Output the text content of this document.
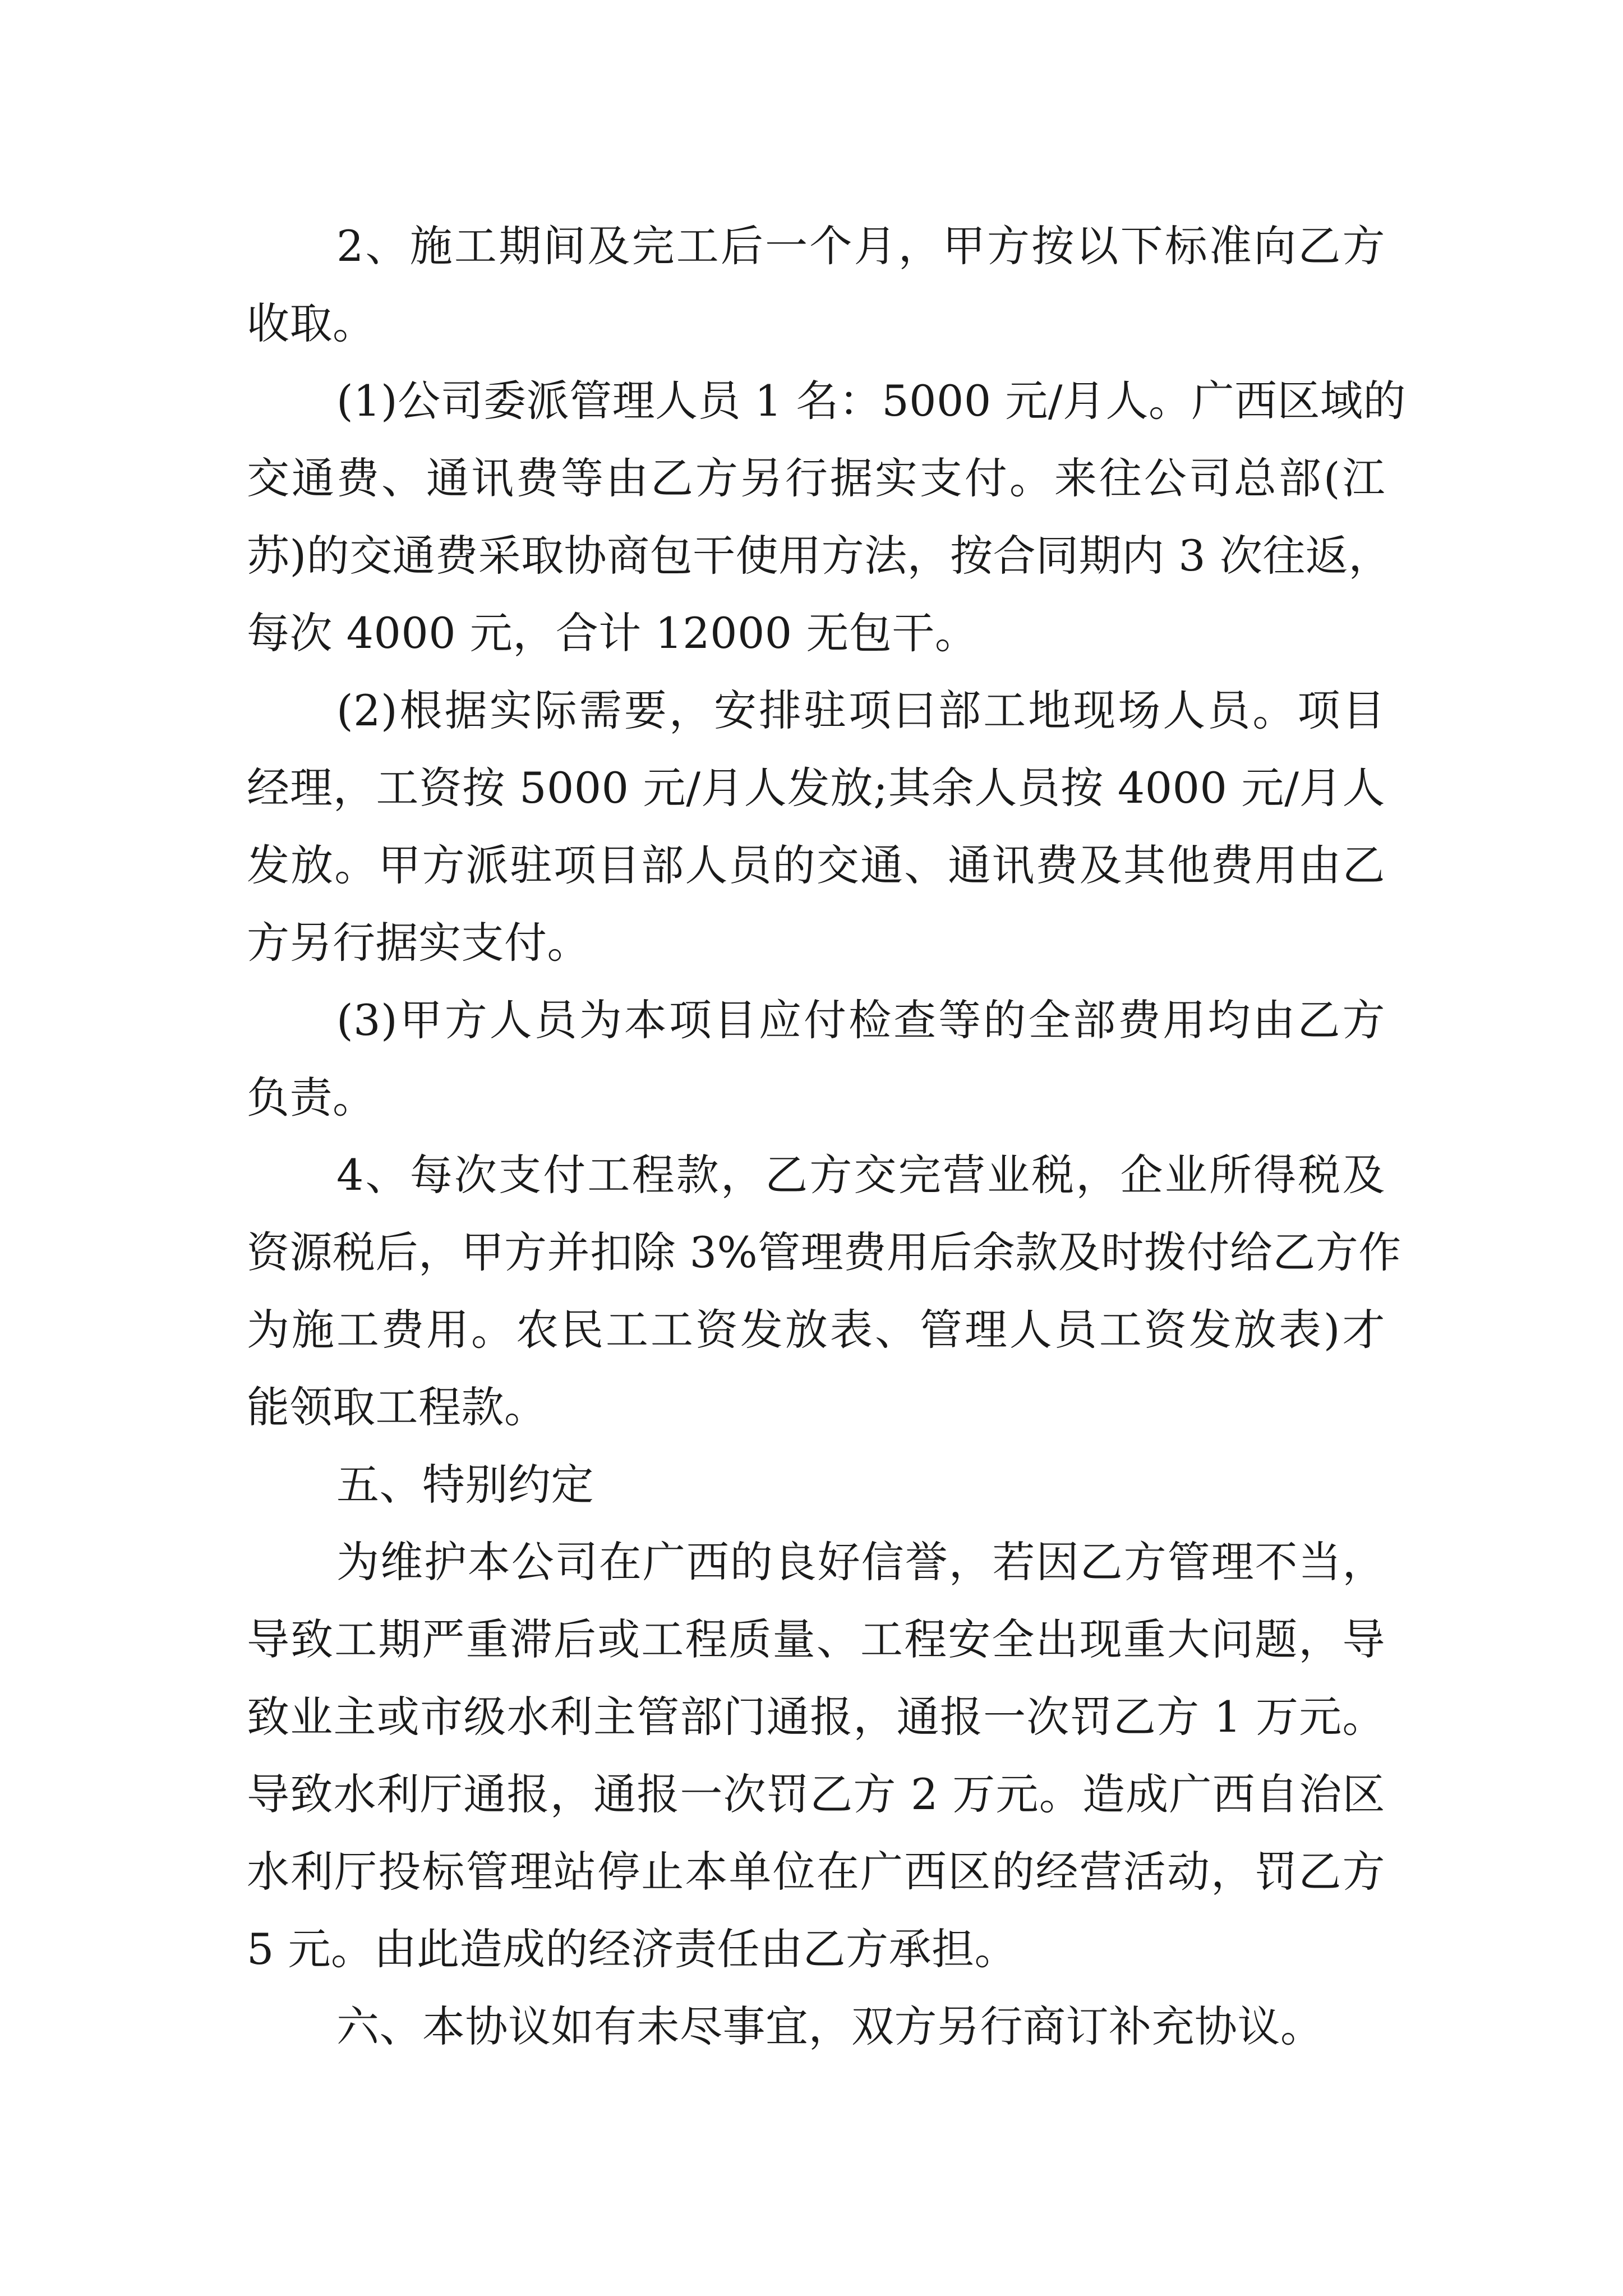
2、施工期间及完工后一个月，甲方按以下标准向乙方
收取。
(1)公司委派管理人员 1 名：5000 元/月人。广西区域的
交通费、通讯费等由乙方另行据实支付。来往公司总部(江
苏)的交通费采取协商包干使用方法，按合同期内 3 次往返，
每次 4000 元，合计 12000 无包干。
(2)根据实际需要，安排驻项曰部工地现场人员。项目
经理，工资按 5000 元/月人发放;其余人员按 4000 元/月人
发放。甲方派驻项目部人员的交通、通讯费及其他费用由乙
方另行据实支付。
(3)甲方人员为本项目应付检查等的全部费用均由乙方
负责。
4、每次支付工程款，乙方交完营业税，企业所得税及
资源税后，甲方并扣除 3%管理费用后余款及时拨付给乙方作
为施工费用。农民工工资发放表、管理人员工资发放表)才
能领取工程款。
五、特别约定
为维护本公司在广西的良好信誉，若因乙方管理不当，
导致工期严重滞后或工程质量、工程安全出现重大问题，导
致业主或市级水利主管部门通报，通报一次罚乙方 1 万元。
导致水利厅通报，通报一次罚乙方 2 万元。造成广西自治区
水利厅投标管理站停止本单位在广西区的经营活动，罚乙方
5 元。由此造成的经济责任由乙方承担。
六、本协议如有未尽事宜，双方另行商订补充协议。
